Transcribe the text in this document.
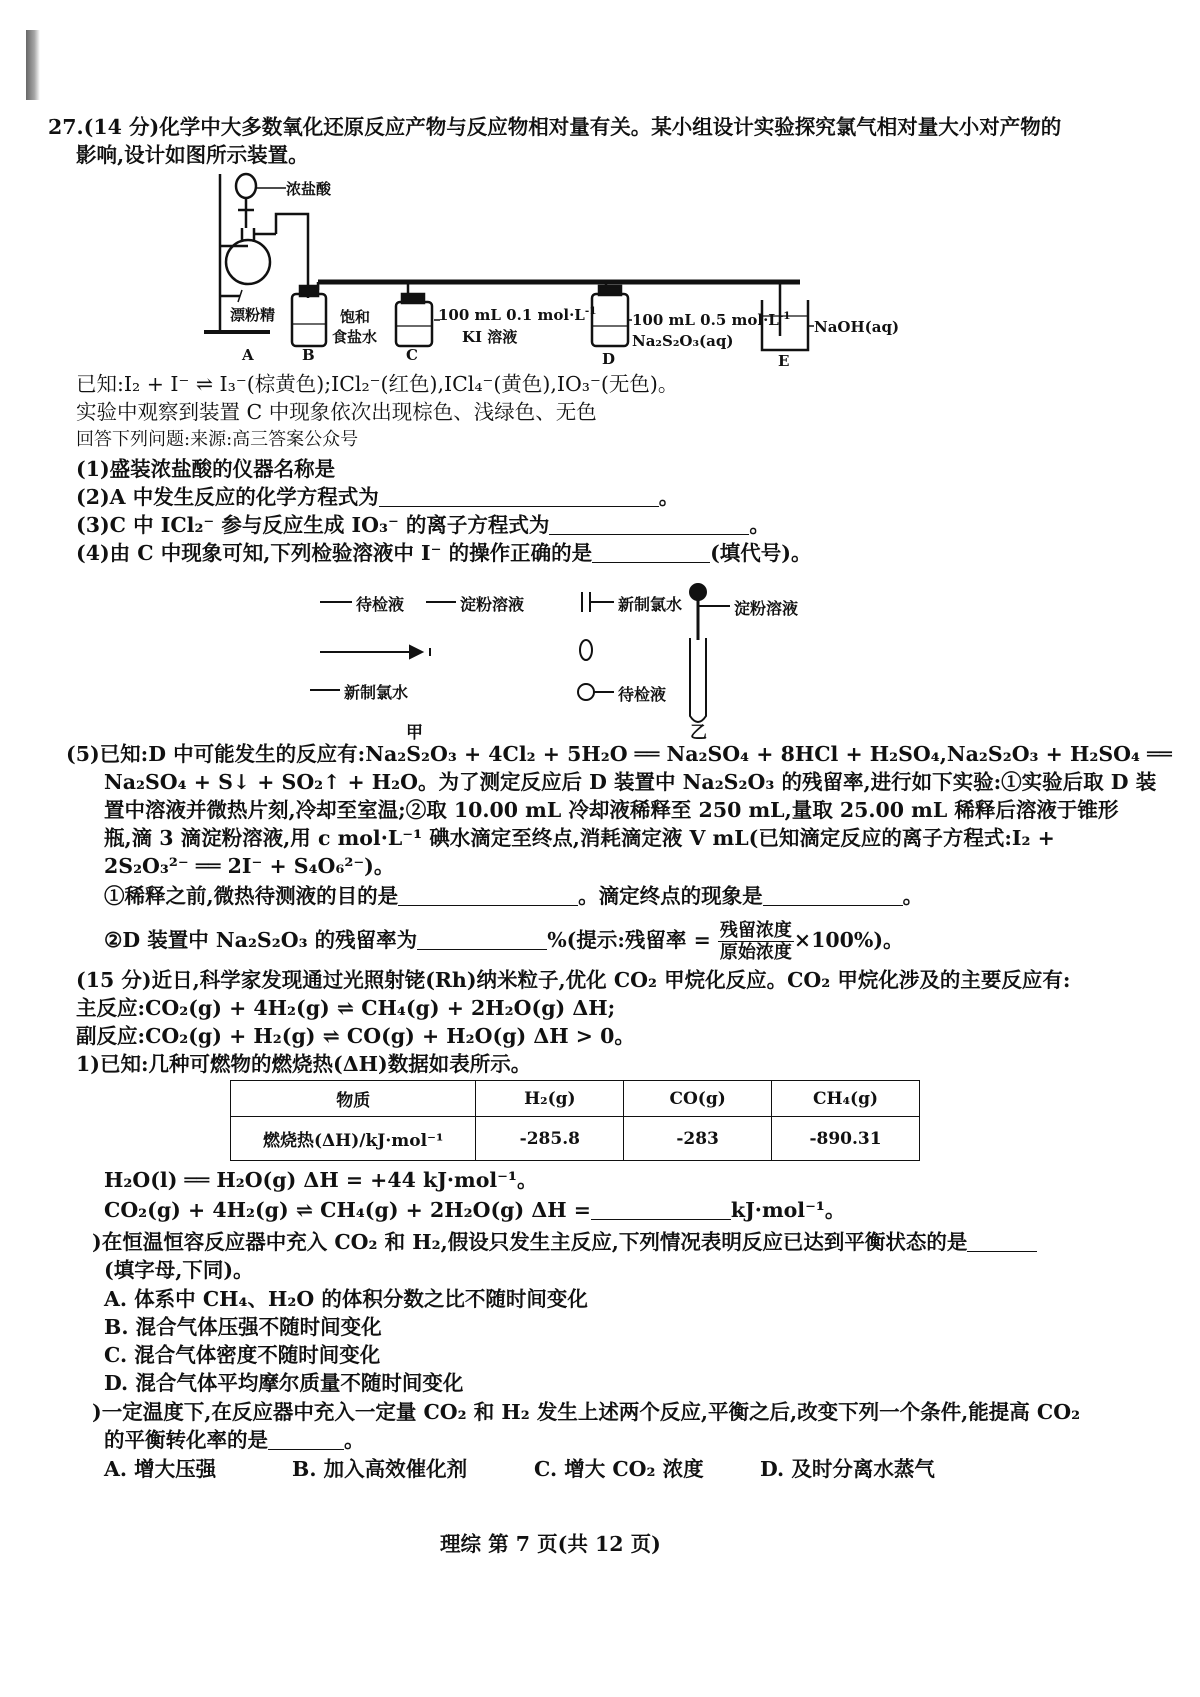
27.(14 分)化学中大多数氧化还原反应产物与反应物相对量有关。某小组设计实验探究氯气相对量大小对产物的
影响,设计如图所示装置。
浓盐酸
漂粉精	饱和
食盐水
100 mL 0.1 $mol\cdot L^{-1}$
KI 溶液
100 mL 0.5 $mol\cdot L^{-1}$
Na₂S₂O₃(aq)
NaOH(aq)
A	B	C	D	E
已知:I₂ + I⁻ ⇌ I₃⁻(棕黄色);ICl₂⁻(红色),ICl₄⁻(黄色),IO₃⁻(无色)。
实验中观察到装置 C 中现象依次出现棕色、浅绿色、无色
回答下列问题:来源:高三答案公众号
(1)盛装浓盐酸的仪器名称是
(2)A 中发生反应的化学方程式为	。
(3)C 中 ICl₂⁻ 参与反应生成 IO₃⁻ 的离子方程式为	。
(4)由 C 中现象可知,下列检验溶液中 I⁻ 的操作正确的是	(填代号)。
待检液	淀粉溶液
新制氯水
新制氯水	淀粉溶液
待检液
甲	乙
(5)已知:D 中可能发生的反应有:Na₂S₂O₃ + 4Cl₂ + 5H₂O ══ Na₂SO₄ + 8HCl + H₂SO₄,Na₂S₂O₃ + H₂SO₄ ══
Na₂SO₄ + S↓ + SO₂↑ + H₂O。为了测定反应后 D 装置中 Na₂S₂O₃ 的残留率,进行如下实验:①实验后取 D 装
置中溶液并微热片刻,冷却至室温;②取 10.00 mL 冷却液稀释至 250 mL,量取 25.00 mL 稀释后溶液于锥形
瓶,滴 3 滴淀粉溶液,用 c mol·L⁻¹ 碘水滴定至终点,消耗滴定液 V mL(已知滴定反应的离子方程式:I₂ +
2S₂O₃²⁻ ══ 2I⁻ + S₄O₆²⁻)。
①稀释之前,微热待测液的目的是	。滴定终点的现象是	。
②D 装置中 Na₂S₂O₃ 的残留率为	%(提示:残留率 = $\frac{\text{残留浓度}}{\text{原始浓度}} \times 100\%$)。
(15 分)近日,科学家发现通过光照射铑(Rh)纳米粒子,优化 CO₂ 甲烷化反应。CO₂ 甲烷化涉及的主要反应有:
主反应:CO₂(g) + 4H₂(g) ⇌ CH₄(g) + 2H₂O(g) ΔH;
副反应:CO₂(g) + H₂(g) ⇌ CO(g) + H₂O(g) ΔH > 0。
1)已知:几种可燃物的燃烧热(ΔH)数据如表所示。
物质	H₂(g)	CO(g)	CH₄(g)
燃烧热(ΔH)/kJ·mol⁻¹	-285.8	-283	-890.31
H₂O(l) ══ H₂O(g) ΔH = +44 kJ·mol⁻¹。
CO₂(g) + 4H₂(g) ⇌ CH₄(g) + 2H₂O(g) ΔH =	kJ·mol⁻¹。
)在恒温恒容反应器中充入 CO₂ 和 H₂,假设只发生主反应,下列情况表明反应已达到平衡状态的是
(填字母,下同)。
A. 体系中 CH₄、H₂O 的体积分数之比不随时间变化
B. 混合气体压强不随时间变化
C. 混合气体密度不随时间变化
D. 混合气体平均摩尔质量不随时间变化
)一定温度下,在反应器中充入一定量 CO₂ 和 H₂ 发生上述两个反应,平衡之后,改变下列一个条件,能提高 CO₂
的平衡转化率的是	。
A. 增大压强	B. 加入高效催化剂	C. 增大 CO₂ 浓度	D. 及时分离水蒸气
理综 第 7 页(共 12 页)
